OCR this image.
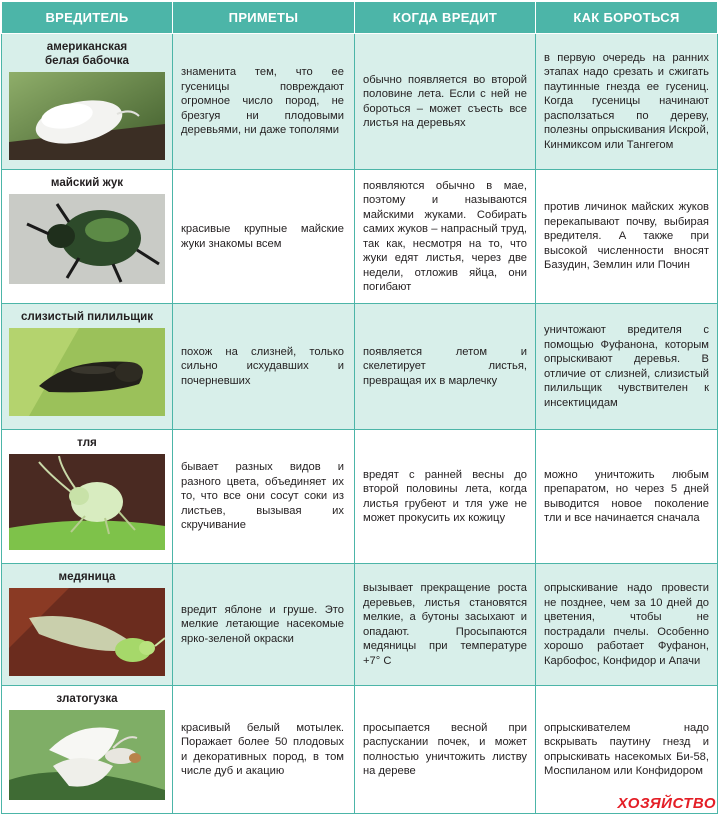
ВРЕДИТЕЛЬ	ПРИМЕТЫ	КОГДА ВРЕДИТ	КАК БОРОТЬСЯ

американская
белая бабочка	знаменита тем, что ее гусеницы повреждают огромное число пород, не брезгуя ни плодовыми деревьями, ни даже тополями	обычно появляется во второй половине лета. Если с ней не бороться – может съесть все листья на деревьях	в первую очередь на ранних этапах надо срезать и сжигать паутинные гнезда ее гусениц. Когда гусеницы начинают расползаться по дереву, полезны опрыскивания Искрой, Кинмиксом или Тангегом

майский жук	красивые крупные майские жуки знакомы всем	появляются обычно в мае, поэтому и называются майскими жуками. Собирать самих жуков – напрасный труд, так как, несмотря на то, что жуки едят листья, через две недели, отложив яйца, они погибают	против личинок майских жуков перекапывают почву, выбирая вредителя. А также при высокой численности вносят Базудин, Землин или Почин

слизистый пилильщик	похож на слизней, только сильно исхудавших и почерневших	появляется летом и скелетирует листья, превращая их в марлечку	уничтожают вредителя с помощью Фуфанона, которым опрыскивают деревья. В отличие от слизней, слизистый пилильщик чувствителен к инсектицидам

тля	бывает разных видов и разного цвета, объединяет их то, что все они сосут соки из листьев, вызывая их скручивание	вредят с ранней весны до второй половины лета, когда листья грубеют и тля уже не может прокусить их кожицу	можно уничтожить любым препаратом, но через 5 дней выводится новое поколение тли и все начинается сначала

медяница	вредит яблоне и груше. Это мелкие летающие насекомые ярко-зеленой окраски	вызывает прекращение роста деревьев, листья становятся мелкие, а бутоны засыхают и опадают. Просыпаются медяницы при температуре +7° С	опрыскивание надо провести не позднее, чем за 10 дней до цветения, чтобы не пострадали пчелы. Особенно хорошо работает Фуфанон, Карбофос, Конфидор и Апачи

златогузка	красивый белый мотылек. Поражает более 50 плодовых и декоративных пород, в том числе дуб и акацию	просыпается весной при распускании почек, и может полностью уничтожить листву на дереве	опрыскивателем надо вскрывать паутину гнезд и опрыскивать насекомых Би-58, Моспиланом или Конфидором
ХОЗЯЙСТВО
